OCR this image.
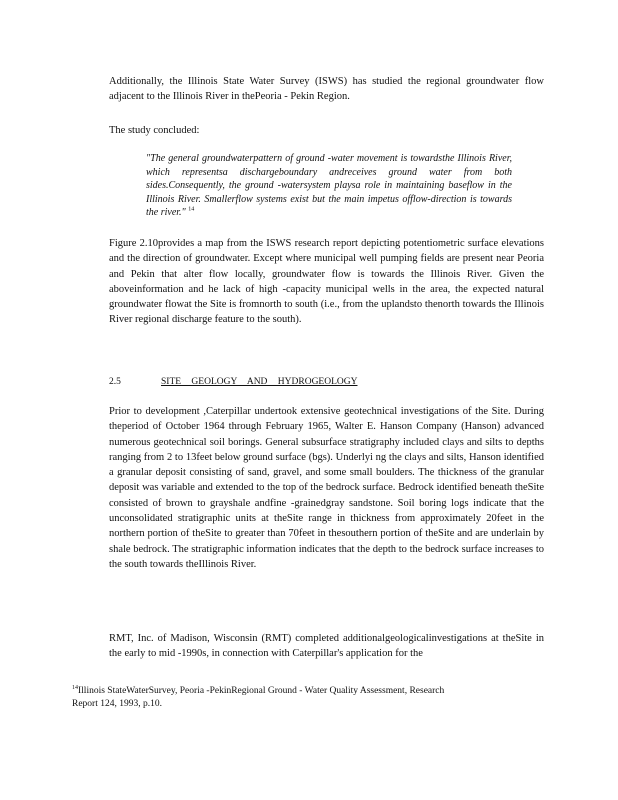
Additionally, the Illinois State Water Survey (ISWS) has studied the regional groundwater flow adjacent to the Illinois River in thePeoria - Pekin Region.

The study concluded:

"The general groundwaterpattern of ground -water movement is towardsthe Illinois River, which representsa dischargeboundary andreceives ground water from both sides.Consequently, the ground -watersystem playsa role in maintaining baseflow in the Illinois River. Smallerflow systems exist but the main impetus offlow-direction is towards the river." $^{14}$

Figure 2.10provides a map from the ISWS research report depicting potentiometric surface elevations and the direction of groundwater. Except where municipal well pumping fields are present near Peoria and Pekin that alter flow locally, groundwater flow is towards the Illinois River. Given the aboveinformation and he lack of high -capacity municipal wells in the area, the expected natural groundwater flowat the Site is fromnorth to south (i.e., from the uplandsto thenorth towards the Illinois River regional discharge feature to the south).

2.5	SITE GEOLOGY AND HYDROGEOLOGY

Prior to development ,Caterpillar undertook extensive geotechnical investigations of the Site. During theperiod of October 1964 through February 1965, Walter E. Hanson Company (Hanson) advanced numerous geotechnical soil borings. General subsurface stratigraphy included clays and silts to depths ranging from 2 to 13feet below ground surface (bgs). Underlyi ng the clays and silts, Hanson identified a granular deposit consisting of sand, gravel, and some small boulders. The thickness of the granular deposit was variable and extended to the top of the bedrock surface. Bedrock identified beneath theSite consisted of brown to grayshale andfine -grainedgray sandstone. Soil boring logs indicate that the unconsolidated stratigraphic units at theSite range in thickness from approximately 20feet in the northern portion of theSite to greater than 70feet in thesouthern portion of theSite and are underlain by shale bedrock. The stratigraphic information indicates that the depth to the bedrock surface increases to the south towards theIllinois River.

RMT, Inc. of Madison, Wisconsin (RMT) completed additionalgeologicalinvestigations at theSite in the early to mid -1990s, in connection with Caterpillar's application for the

$^{14}$Illinois StateWaterSurvey, Peoria -PekinRegional Ground - Water Quality Assessment, Research
Report 124, 1993, p.10.
